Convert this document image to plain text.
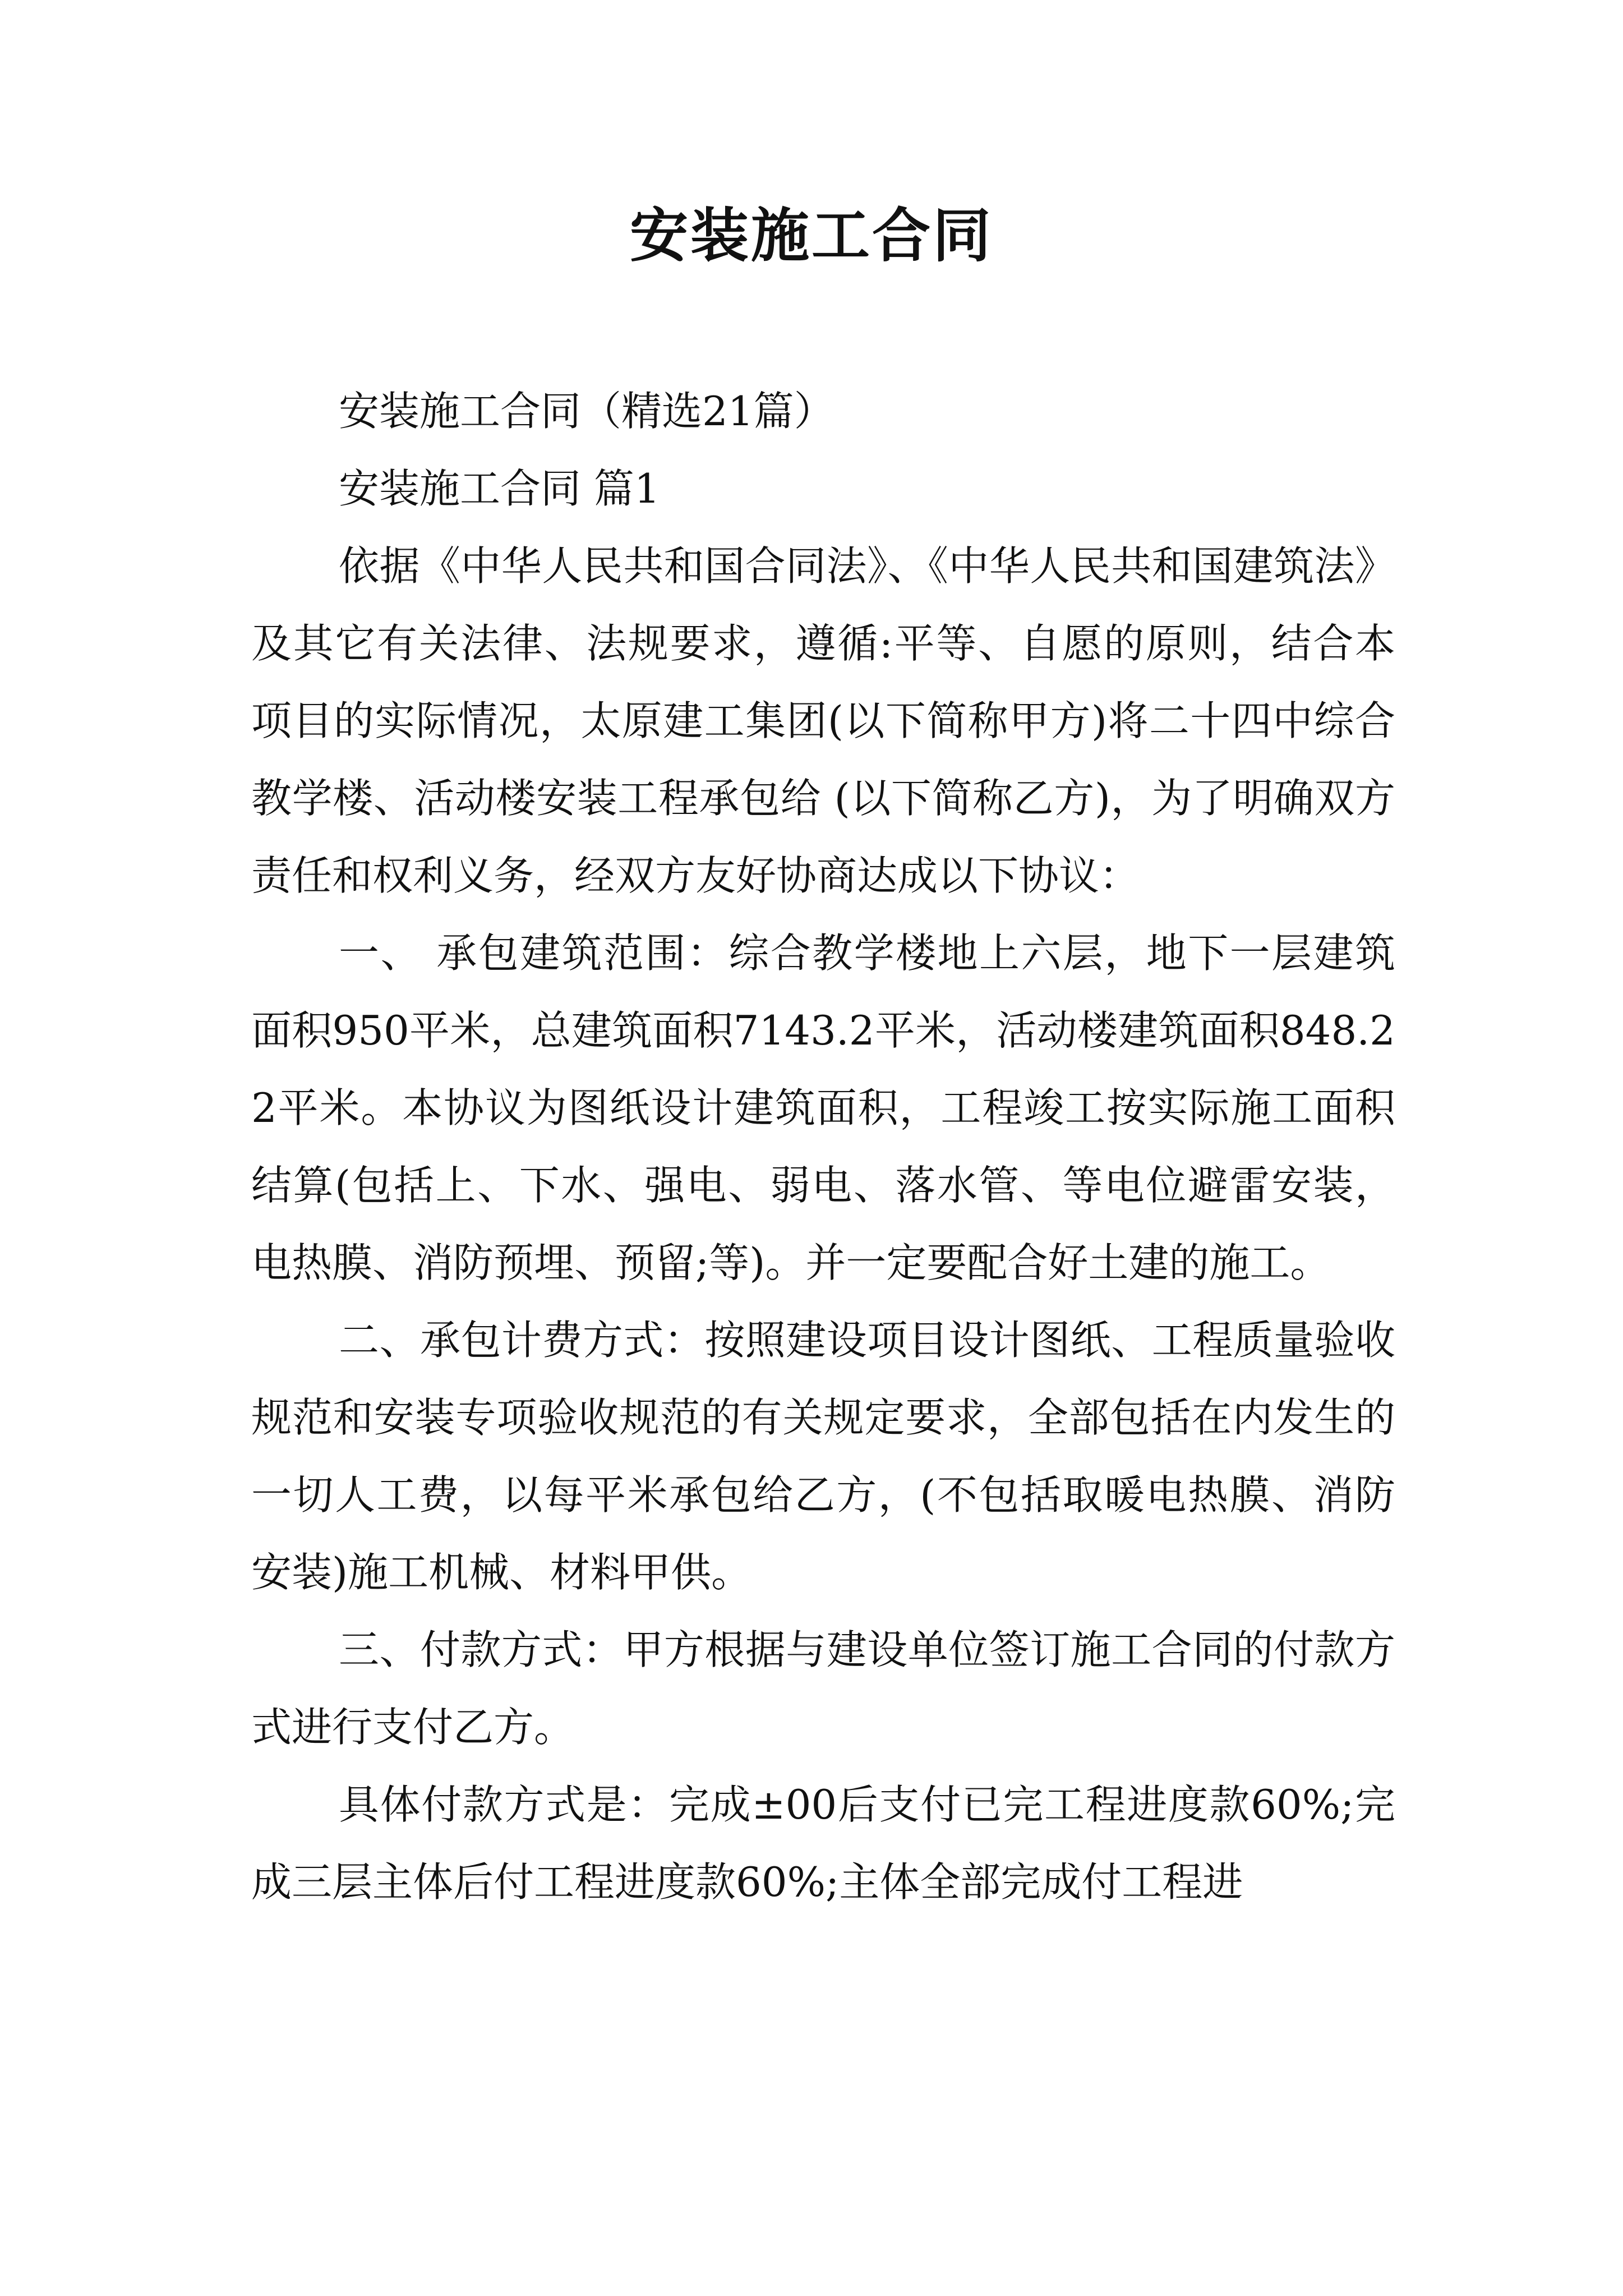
安装施工合同

安装施工合同（精选21篇）

安装施工合同 篇1

依据《中华人民共和国合同法》、《中华人民共和国建筑法》及其它有关法律、法规要求，遵循:平等、自愿的原则，结合本项目的实际情况，太原建工集团(以下简称甲方)将二十四中综合教学楼、活动楼安装工程承包给 (以下简称乙方)，为了明确双方责任和权利义务，经双方友好协商达成以下协议：

一、 承包建筑范围：综合教学楼地上六层，地下一层建筑面积950平米，总建筑面积7143.2平米，活动楼建筑面积848.22平米。本协议为图纸设计建筑面积，工程竣工按实际施工面积结算(包括上、下水、强电、弱电、落水管、等电位避雷安装，电热膜、消防预埋、预留;等)。并一定要配合好土建的施工。

二、承包计费方式：按照建设项目设计图纸、工程质量验收规范和安装专项验收规范的有关规定要求，全部包括在内发生的一切人工费，以每平米承包给乙方，(不包括取暖电热膜、消防安装)施工机械、材料甲供。

三、付款方式：甲方根据与建设单位签订施工合同的付款方式进行支付乙方。

具体付款方式是：完成±00后支付已完工程进度款60%;完成三层主体后付工程进度款60%;主体全部完成付工程进
